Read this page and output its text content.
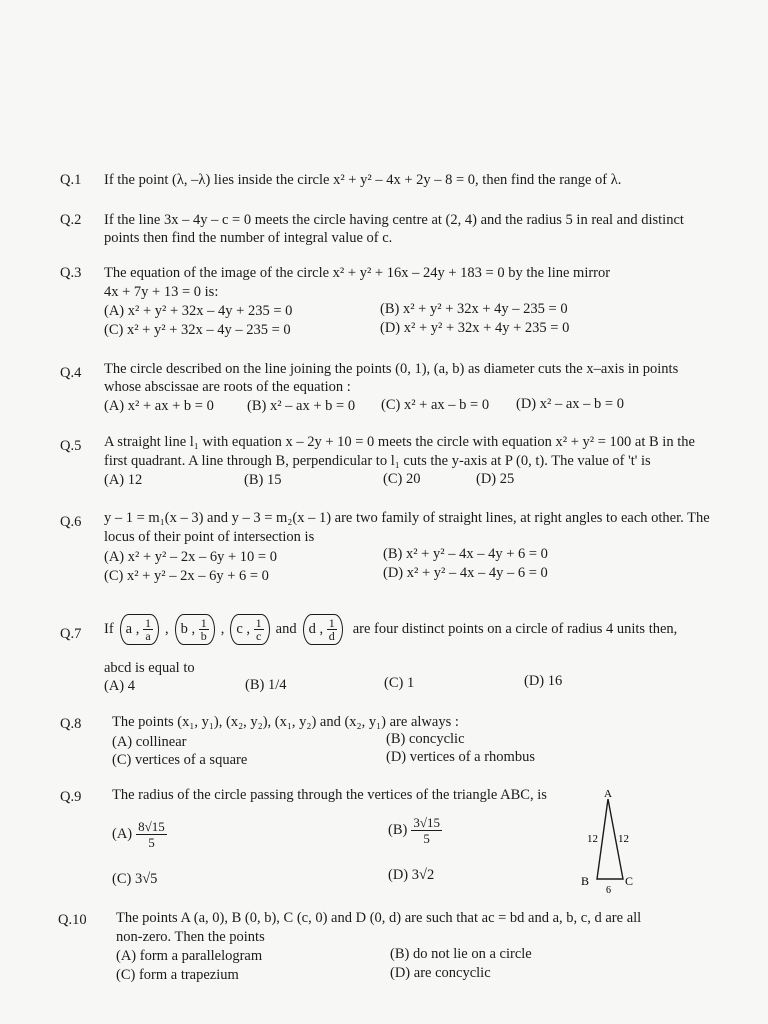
Q.1 If the point (λ, –λ) lies inside the circle x² + y² – 4x + 2y – 8 = 0, then find the range of λ.
Q.2 If the line 3x – 4y – c = 0 meets the circle having centre at (2, 4) and the radius 5 in real and distinct
points then find the number of integral value of c.
Q.3 The equation of the image of the circle x² + y² + 16x – 24y + 183 = 0 by the line mirror
4x + 7y + 13 = 0 is:
(A) x² + y² + 32x – 4y + 235 = 0	(B) x² + y² + 32x + 4y – 235 = 0
(C) x² + y² + 32x – 4y – 235 = 0	(D) x² + y² + 32x + 4y + 235 = 0
Q.4 The circle described on the line joining the points (0, 1), (a, b) as diameter cuts the x–axis in points
whose abscissae are roots of the equation :
(A) x² + ax + b = 0 (B) x² – ax + b = 0 (C) x² + ax – b = 0 (D) x² – ax – b = 0
Q.5 A straight line l₁ with equation x – 2y + 10 = 0 meets the circle with equation x² + y² = 100 at B in the
first quadrant. A line through B, perpendicular to l₁ cuts the y-axis at P (0, t). The value of 't' is
(A) 12	(B) 15	(C) 20	(D) 25
Q.6 y – 1 = m₁(x – 3) and y – 3 = m₂(x – 1) are two family of straight lines, at right angles to each other. The
locus of their point of intersection is
(A) x² + y² – 2x – 6y + 10 = 0	(B) x² + y² – 4x – 4y + 6 = 0
(C) x² + y² – 2x – 6y + 6 = 0	(D) x² + y² – 4x – 4y – 6 = 0
Q.7 If a , $\frac{1}{a}$ , b , $\frac{1}{b}$ , c , $\frac{1}{c}$ and d , $\frac{1}{d}$ are four distinct points on a circle of radius 4 units then,
abcd is equal to
(A) 4	(B) 1/4	(C) 1	(D) 16
Q.8 The points (x₁, y₁), (x₂, y₂), (x₁, y₂) and (x₂, y₁) are always :
(A) collinear	(B) concyclic
(C) vertices of a square	(D) vertices of a rhombus
Q.9 The radius of the circle passing through the vertices of the triangle ABC, is
$(A) \frac{8√15}{5}$	$(B) \frac{3√15}{5}$
(C) 3√5	(D) 3√2
A
B	C
12 12
6
Q.10 The points A (a, 0), B (0, b), C (c, 0) and D (0, d) are such that ac = bd and a, b, c, d are all
non-zero. Then the points
(A) form a parallelogram	(B) do not lie on a circle
(C) form a trapezium	(D) are concyclic
